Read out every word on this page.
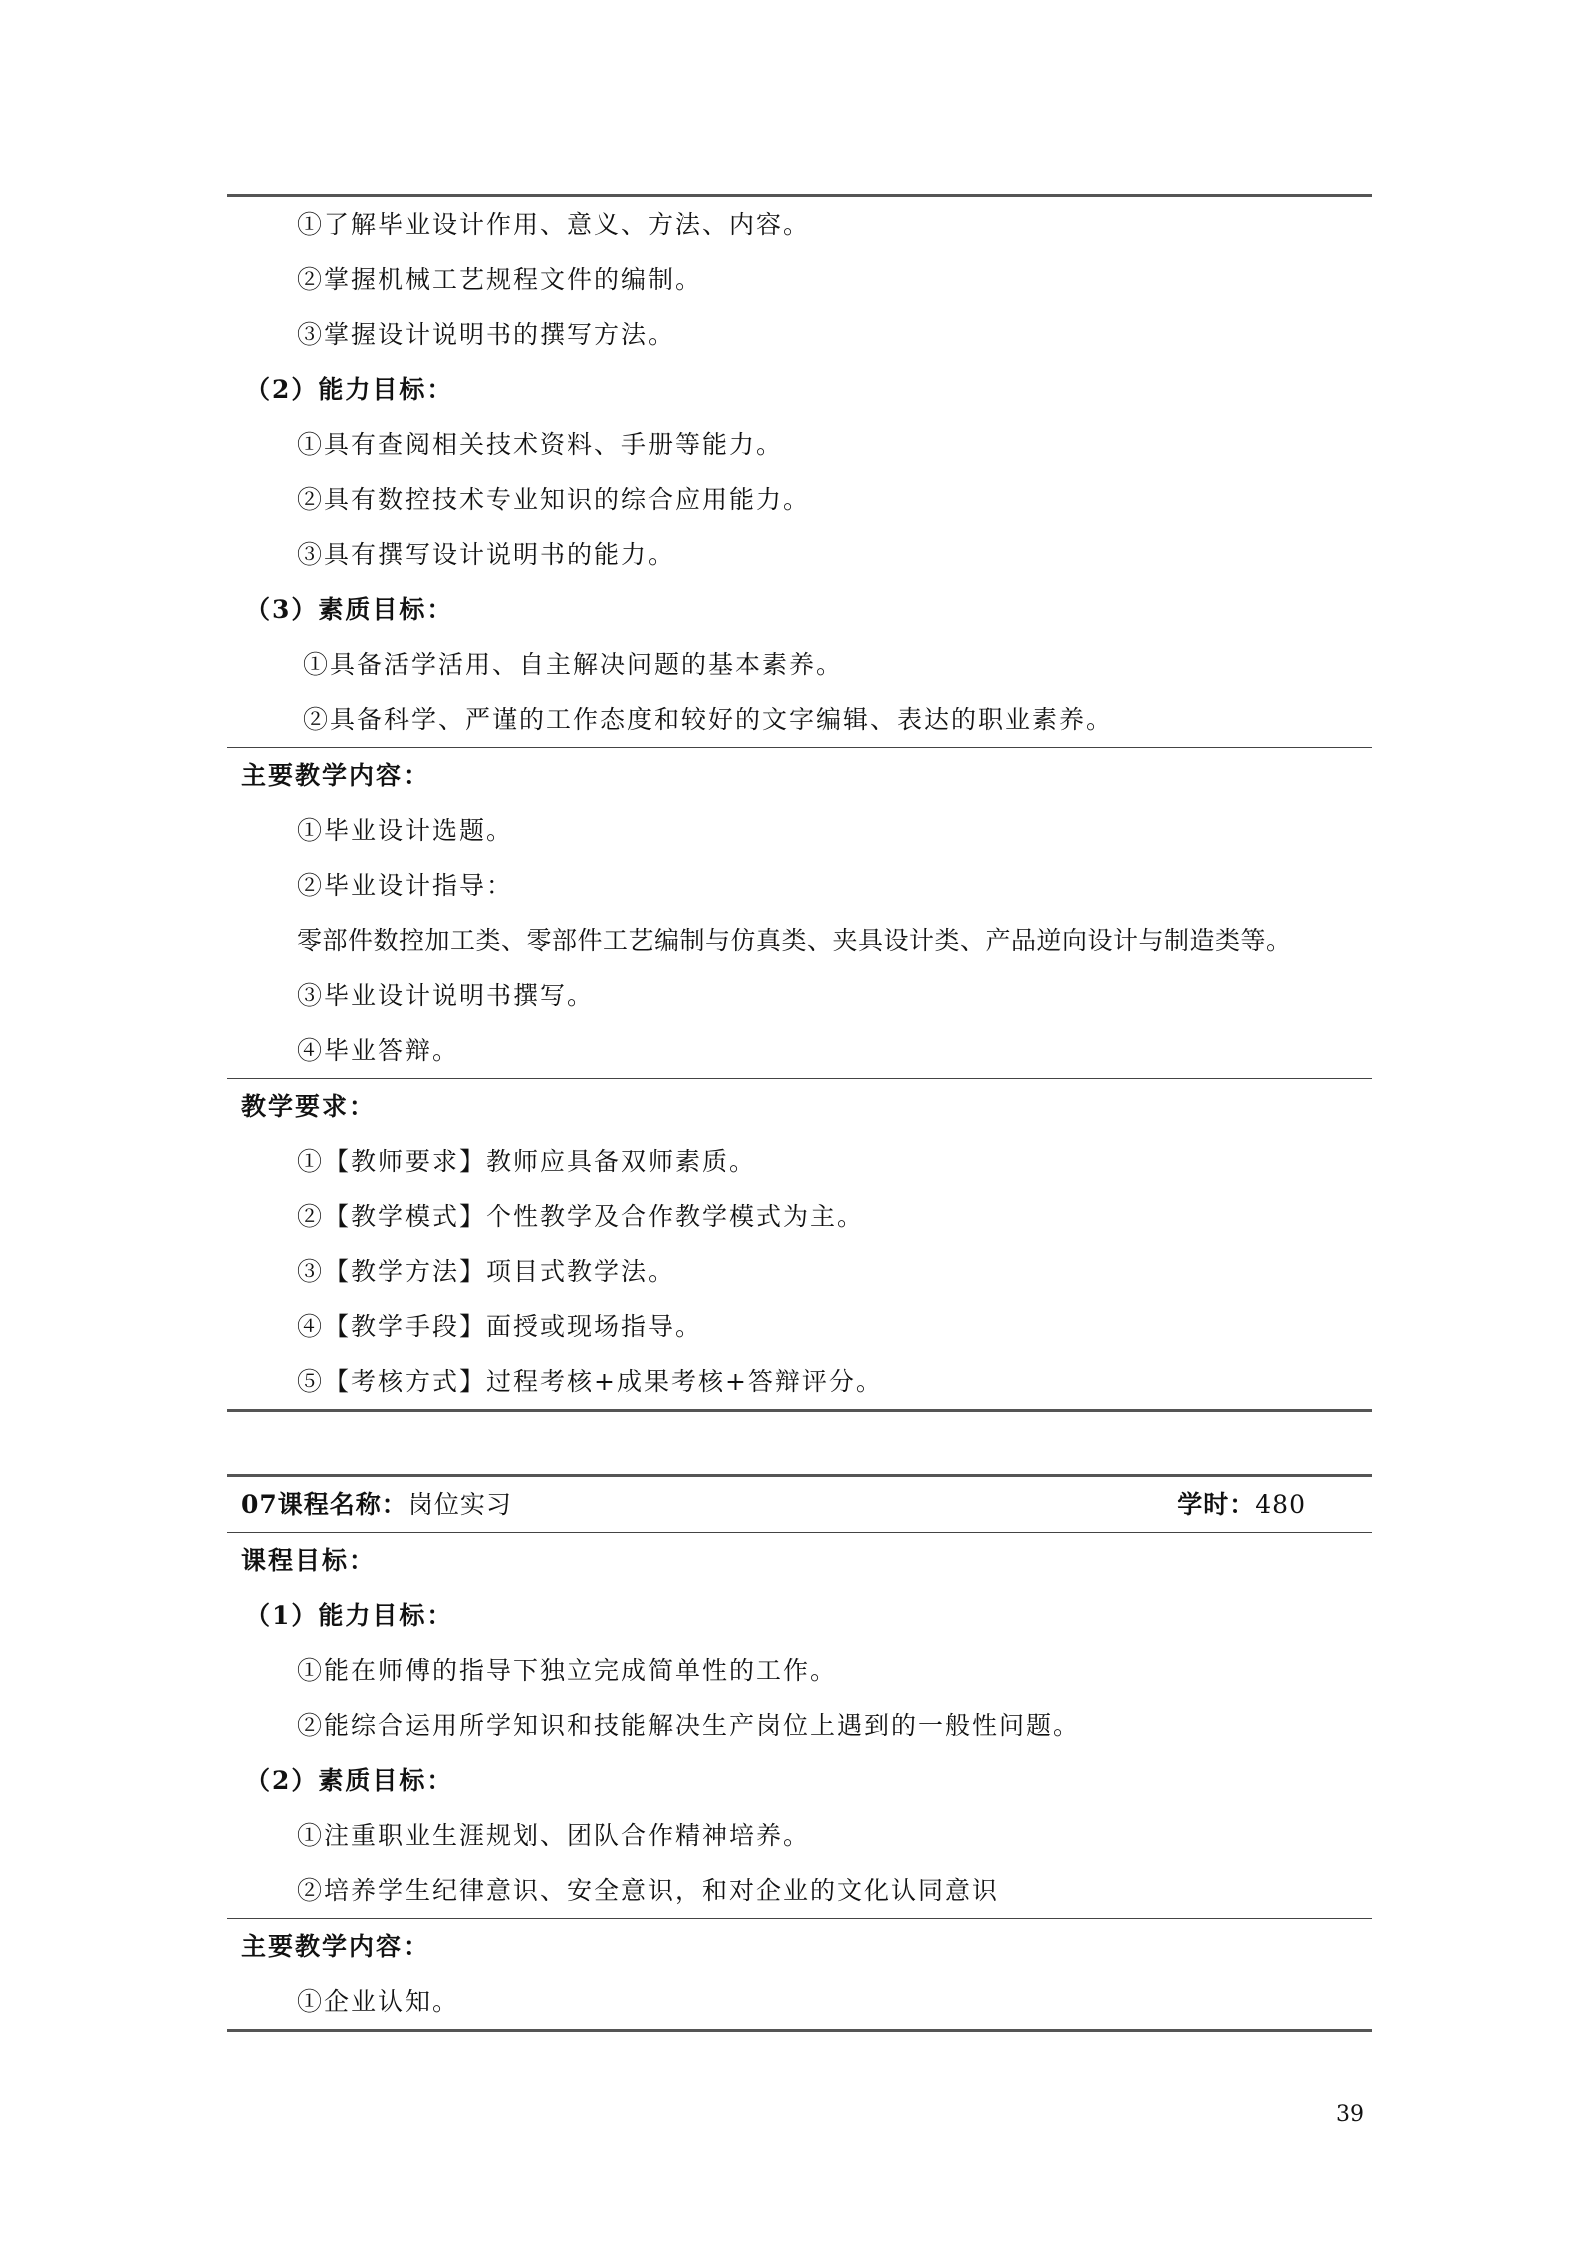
①了解毕业设计作用、意义、方法、内容。
②掌握机械工艺规程文件的编制。
③掌握设计说明书的撰写方法。
（2）能力目标：
①具有查阅相关技术资料、手册等能力。
②具有数控技术专业知识的综合应用能力。
③具有撰写设计说明书的能力。
（3）素质目标：
①具备活学活用、自主解决问题的基本素养。
②具备科学、严谨的工作态度和较好的文字编辑、表达的职业素养。
主要教学内容：
①毕业设计选题。
②毕业设计指导：
零部件数控加工类、零部件工艺编制与仿真类、夹具设计类、产品逆向设计与制造类等。
③毕业设计说明书撰写。
④毕业答辩。
教学要求：
①【教师要求】教师应具备双师素质。
②【教学模式】个性教学及合作教学模式为主。
③【教学方法】项目式教学法。
④【教学手段】面授或现场指导。
⑤【考核方式】过程考核+成果考核+答辩评分。
07课程名称：岗位实习	学时：480
课程目标：
（1）能力目标：
①能在师傅的指导下独立完成简单性的工作。
②能综合运用所学知识和技能解决生产岗位上遇到的一般性问题。
（2）素质目标：
①注重职业生涯规划、团队合作精神培养。
②培养学生纪律意识、安全意识，和对企业的文化认同意识
主要教学内容：
①企业认知。
39
